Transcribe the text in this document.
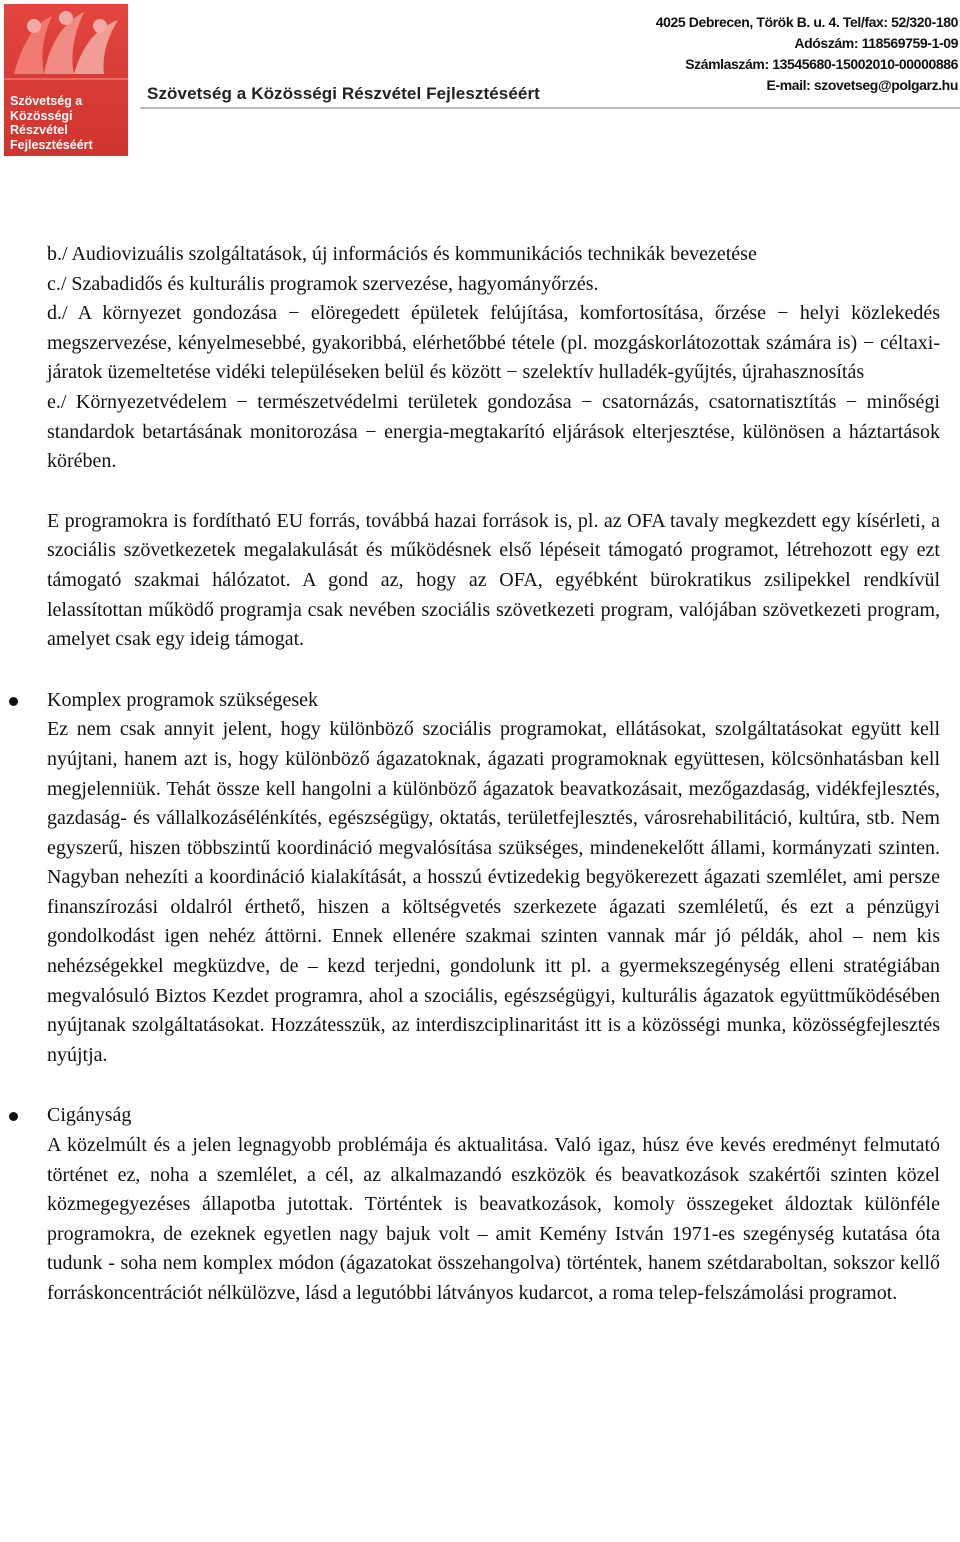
Szövetség a
Közösségi Részvétel
Fejlesztéséért
Szövetség a Közösségi Részvétel Fejlesztéséért
4025 Debrecen, Török B. u. 4. Tel/fax: 52/320-180
Adószám: 118569759-1-09
Számlaszám: 13545680-15002010-00000886
E-mail: szovetseg@polgarz.hu

b./ Audiovizuális szolgáltatások, új információs és kommunikációs technikák bevezetése

c./ Szabadidős és kulturális programok szervezése, hagyományőrzés.

d./ A környezet gondozása − elöregedett épületek felújítása, komfortosítása, őrzése − helyi közlekedés megszervezése, kényelmesebbé, gyakoribbá, elérhetőbbé tétele (pl. mozgáskorlátozottak számára is) − céltaxi-járatok üzemeltetése vidéki településeken belül és között − szelektív hulladék-gyűjtés, újrahasznosítás

e./ Környezetvédelem − természetvédelmi területek gondozása − csatornázás, csatornatisztítás − minőségi standardok betartásának monitorozása − energia-megtakarító eljárások elterjesztése, különösen a háztartások körében.

E programokra is fordítható EU forrás, továbbá hazai források is, pl. az OFA tavaly megkezdett egy kísérleti, a szociális szövetkezetek megalakulását és működésnek első lépéseit támogató programot, létrehozott egy ezt támogató szakmai hálózatot. A gond az, hogy az OFA, egyébként bürokratikus zsilipekkel rendkívül lelassítottan működő programja csak nevében szociális szövetkezeti program, valójában szövetkezeti program, amelyet csak egy ideig támogat.

Komplex programok szükségesek

Ez nem csak annyit jelent, hogy különböző szociális programokat, ellátásokat, szolgáltatásokat együtt kell nyújtani, hanem azt is, hogy különböző ágazatoknak, ágazati programoknak együttesen, kölcsönhatásban kell megjelenniük. Tehát össze kell hangolni a különböző ágazatok beavatkozásait, mezőgazdaság, vidékfejlesztés, gazdaság- és vállalkozásélénkítés, egészségügy, oktatás, területfejlesztés, városrehabilitáció, kultúra, stb. Nem egyszerű, hiszen többszintű koordináció megvalósítása szükséges, mindenekelőtt állami, kormányzati szinten. Nagyban nehezíti a koordináció kialakítását, a hosszú évtizedekig begyökerezett ágazati szemlélet, ami persze finanszírozási oldalról érthető, hiszen a költségvetés szerkezete ágazati szemléletű, és ezt a pénzügyi gondolkodást igen nehéz áttörni. Ennek ellenére szakmai szinten vannak már jó példák, ahol – nem kis nehézségekkel megküzdve, de – kezd terjedni, gondolunk itt pl. a gyermekszegénység elleni stratégiában megvalósuló Biztos Kezdet programra, ahol a szociális, egészségügyi, kulturális ágazatok együttműködésében nyújtanak szolgáltatásokat. Hozzátesszük, az interdiszciplinaritást itt is a közösségi munka, közösségfejlesztés nyújtja.

Cigányság

A közelmúlt és a jelen legnagyobb problémája és aktualitása. Való igaz, húsz éve kevés eredményt felmutató történet ez, noha a szemlélet, a cél, az alkalmazandó eszközök és beavatkozások szakértői szinten közel közmegegyezéses állapotba jutottak. Történtek is beavatkozások, komoly összegeket áldoztak különféle programokra, de ezeknek egyetlen nagy bajuk volt – amit Kemény István 1971-es szegénység kutatása óta tudunk - soha nem komplex módon (ágazatokat összehangolva) történtek, hanem szétdaraboltan, sokszor kellő forráskoncentrációt nélkülözve, lásd a legutóbbi látványos kudarcot, a roma telep-felszámolási programot.
